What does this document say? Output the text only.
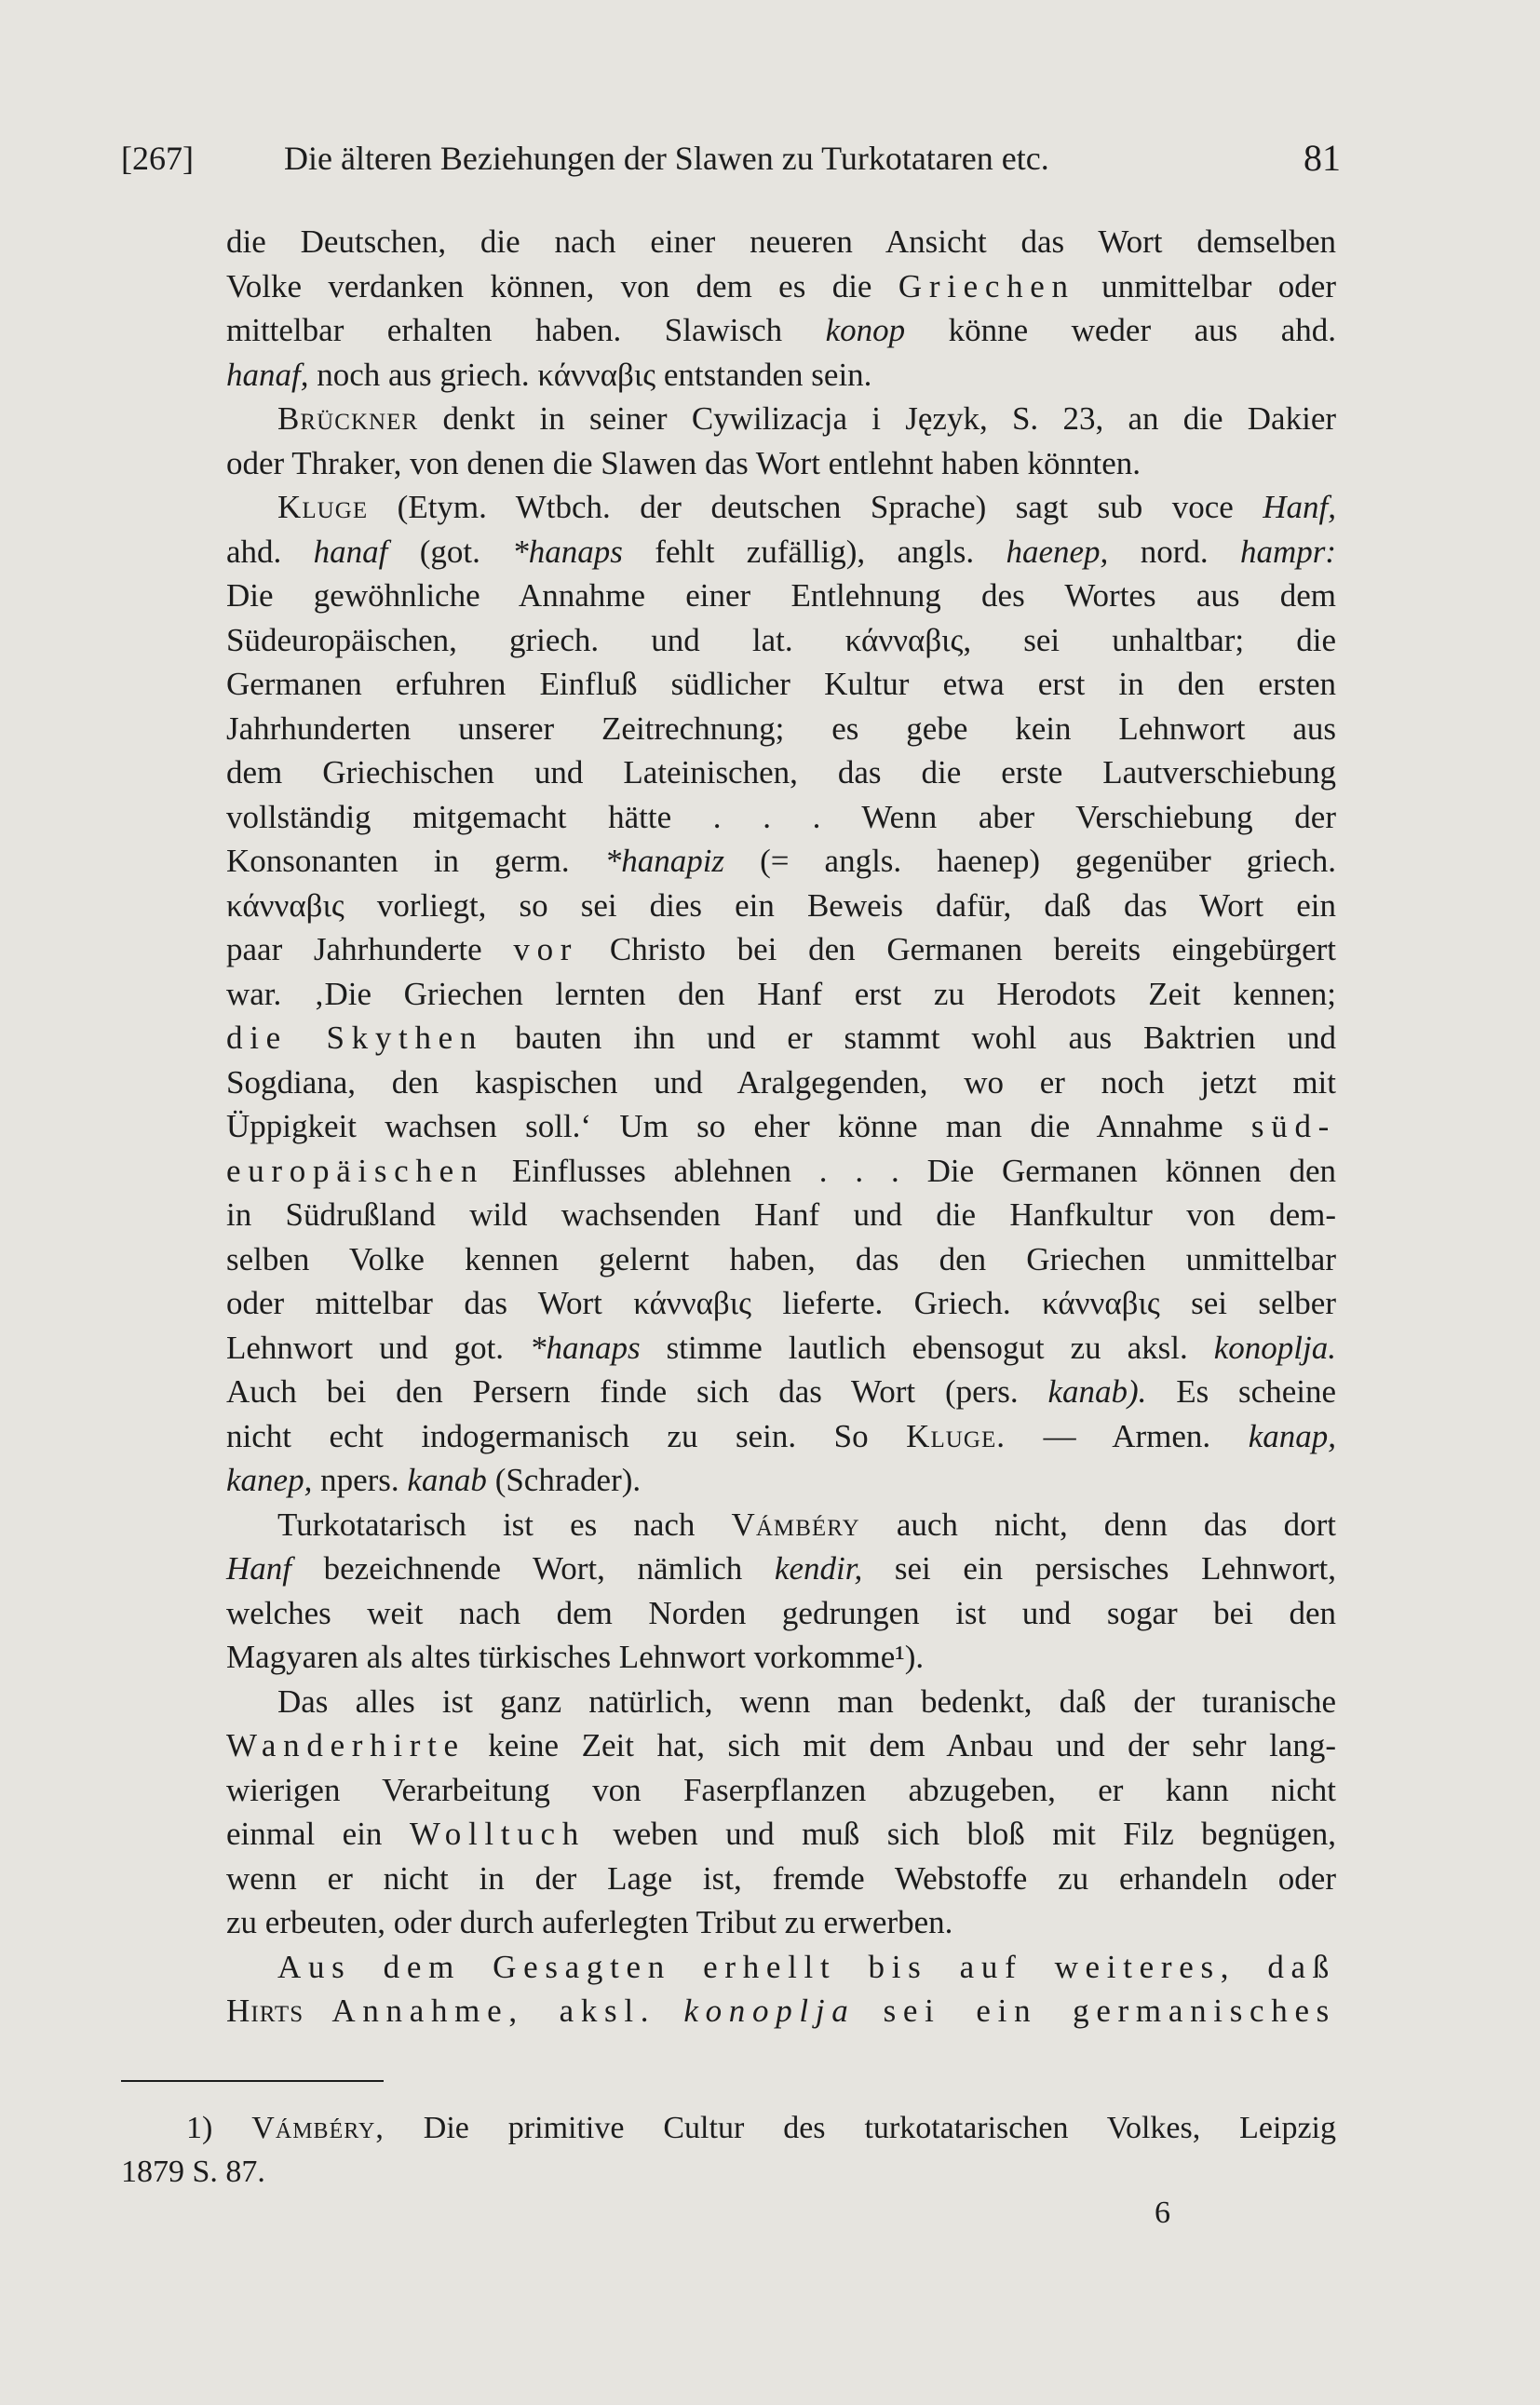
[267]	Die älteren Beziehungen der Slawen zu Turkotataren etc.	81
die Deutschen, die nach einer neueren Ansicht das Wort demselben
Volke verdanken können, von dem es die Griechen unmittelbar oder
mittelbar erhalten haben. Slawisch konop könne weder aus ahd.
hanaf, noch aus griech. κάνναβις entstanden sein.
Brückner denkt in seiner Cywilizacja i Język, S. 23, an die Dakier
oder Thraker, von denen die Slawen das Wort entlehnt haben könnten.
Kluge (Etym. Wtbch. der deutschen Sprache) sagt sub voce Hanf,
ahd. hanaf (got. *hanaps fehlt zufällig), angls. haenep, nord. hampr:
Die gewöhnliche Annahme einer Entlehnung des Wortes aus dem
Südeuropäischen, griech. und lat. κάνναβις, sei unhaltbar; die
Germanen erfuhren Einfluß südlicher Kultur etwa erst in den ersten
Jahrhunderten unserer Zeitrechnung; es gebe kein Lehnwort aus
dem Griechischen und Lateinischen, das die erste Lautverschiebung
vollständig mitgemacht hätte . . . Wenn aber Verschiebung der
Konsonanten in germ. *hanapiz (= angls. haenep) gegenüber griech.
κάνναβις vorliegt, so sei dies ein Beweis dafür, daß das Wort ein
paar Jahrhunderte vor Christo bei den Germanen bereits eingebürgert
war. ‚Die Griechen lernten den Hanf erst zu Herodots Zeit kennen;
die Skythen bauten ihn und er stammt wohl aus Baktrien und
Sogdiana, den kaspischen und Aralgegenden, wo er noch jetzt mit
Üppigkeit wachsen soll.‘ Um so eher könne man die Annahme süd-
europäischen Einflusses ablehnen . . . Die Germanen können den
in Südrußland wild wachsenden Hanf und die Hanfkultur von dem-
selben Volke kennen gelernt haben, das den Griechen unmittelbar
oder mittelbar das Wort κάνναβις lieferte. Griech. κάνναβις sei selber
Lehnwort und got. *hanaps stimme lautlich ebensogut zu aksl. konoplja.
Auch bei den Persern finde sich das Wort (pers. kanab). Es scheine
nicht echt indogermanisch zu sein. So Kluge. — Armen. kanap,
kanep, npers. kanab (Schrader).
Turkotatarisch ist es nach Vámbéry auch nicht, denn das dort
Hanf bezeichnende Wort, nämlich kendir, sei ein persisches Lehnwort,
welches weit nach dem Norden gedrungen ist und sogar bei den
Magyaren als altes türkisches Lehnwort vorkomme¹).
Das alles ist ganz natürlich, wenn man bedenkt, daß der turanische
Wanderhirte keine Zeit hat, sich mit dem Anbau und der sehr lang-
wierigen Verarbeitung von Faserpflanzen abzugeben, er kann nicht
einmal ein Wolltuch weben und muß sich bloß mit Filz begnügen,
wenn er nicht in der Lage ist, fremde Webstoffe zu erhandeln oder
zu erbeuten, oder durch auferlegten Tribut zu erwerben.
Aus dem Gesagten erhellt bis auf weiteres, daß
Hirts Annahme, aksl. konoplja sei ein germanisches
1) Vámbéry, Die primitive Cultur des turkotatarischen Volkes, Leipzig
1879 S. 87.
6
